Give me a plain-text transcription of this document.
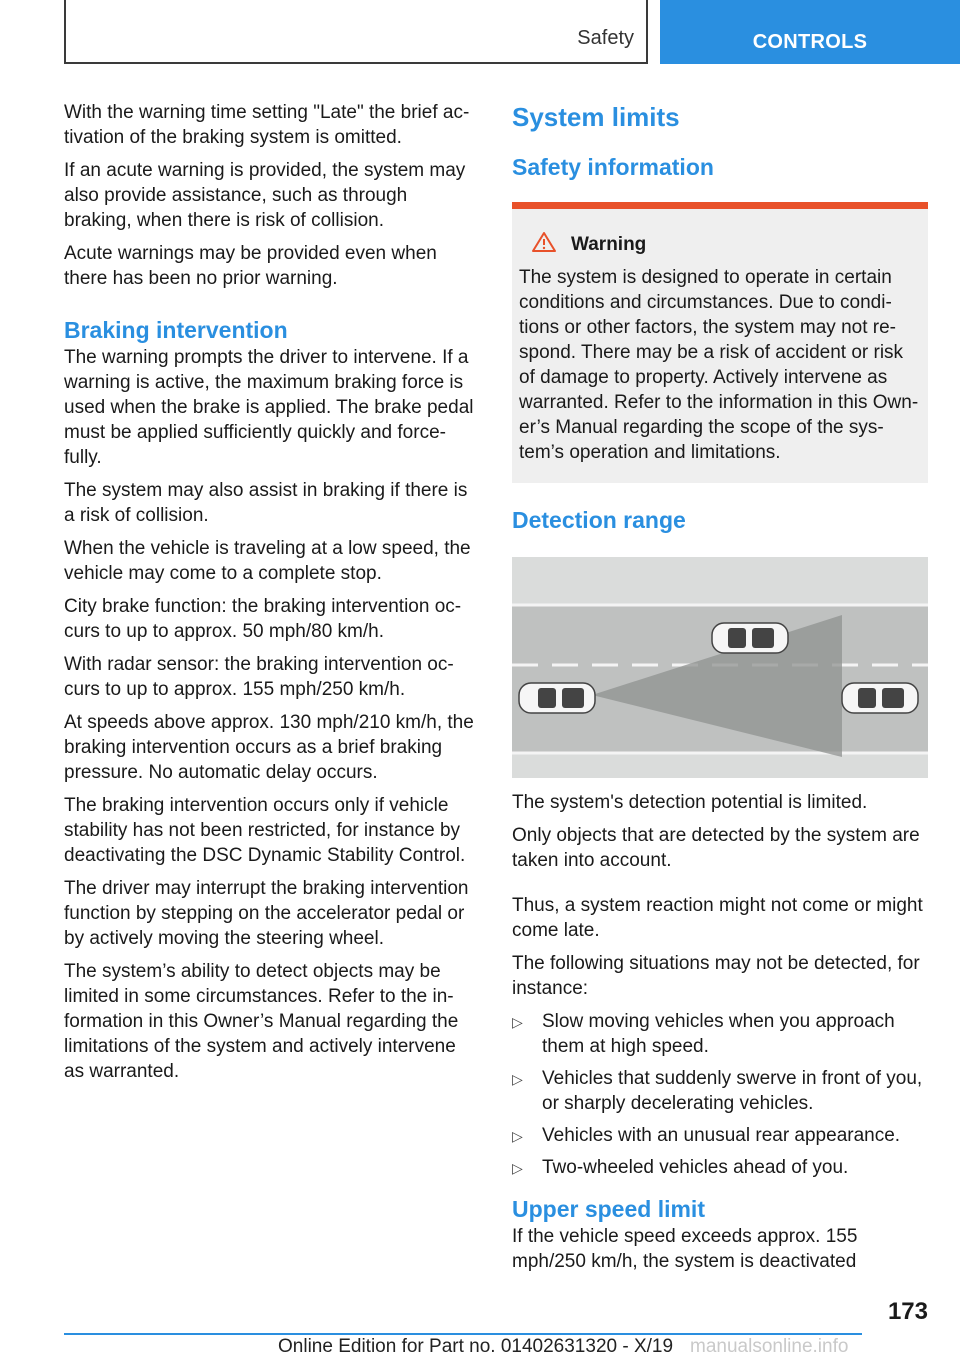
Safety	CONTROLS

With the warning time setting "Late" the brief ac-tivation of the braking system is omitted.

If an acute warning is provided, the system may also provide assistance, such as through braking, when there is risk of collision.

Acute warnings may be provided even when there has been no prior warning.

Braking intervention

The warning prompts the driver to intervene. If a warning is active, the maximum braking force is used when the brake is applied. The brake pedal must be applied sufficiently quickly and force-fully.

The system may also assist in braking if there is a risk of collision.

When the vehicle is traveling at a low speed, the vehicle may come to a complete stop.

City brake function: the braking intervention oc-curs to up to approx. 50 mph/80 km/h.

With radar sensor: the braking intervention oc-curs to up to approx. 155 mph/250 km/h.

At speeds above approx. 130 mph/210 km/h, the braking intervention occurs as a brief braking pressure. No automatic delay occurs.

The braking intervention occurs only if vehicle stability has not been restricted, for instance by deactivating the DSC Dynamic Stability Control.

The driver may interrupt the braking intervention function by stepping on the accelerator pedal or by actively moving the steering wheel.

The system’s ability to detect objects may be limited in some circumstances. Refer to the in-formation in this Owner’s Manual regarding the limitations of the system and actively intervene as warranted.

System limits
Safety information
Warning

The system is designed to operate in certain conditions and circumstances. Due to condi-tions or other factors, the system may not re-spond. There may be a risk of accident or risk of damage to property. Actively intervene as warranted. Refer to the information in this Own-er’s Manual regarding the scope of the sys-tem’s operation and limitations.

Detection range

The system's detection potential is limited.

Only objects that are detected by the system are taken into account.

Thus, a system reaction might not come or might come late.

The following situations may not be detected, for instance:

▷ Slow moving vehicles when you approach them at high speed.
▷ Vehicles that suddenly swerve in front of you, or sharply decelerating vehicles.
▷ Vehicles with an unusual rear appearance.
▷ Two-wheeled vehicles ahead of you.
Upper speed limit

If the vehicle speed exceeds approx. 155 mph/250 km/h, the system is deactivated

173
Online Edition for Part no. 01402631320 - X/19 manualsonline.info
